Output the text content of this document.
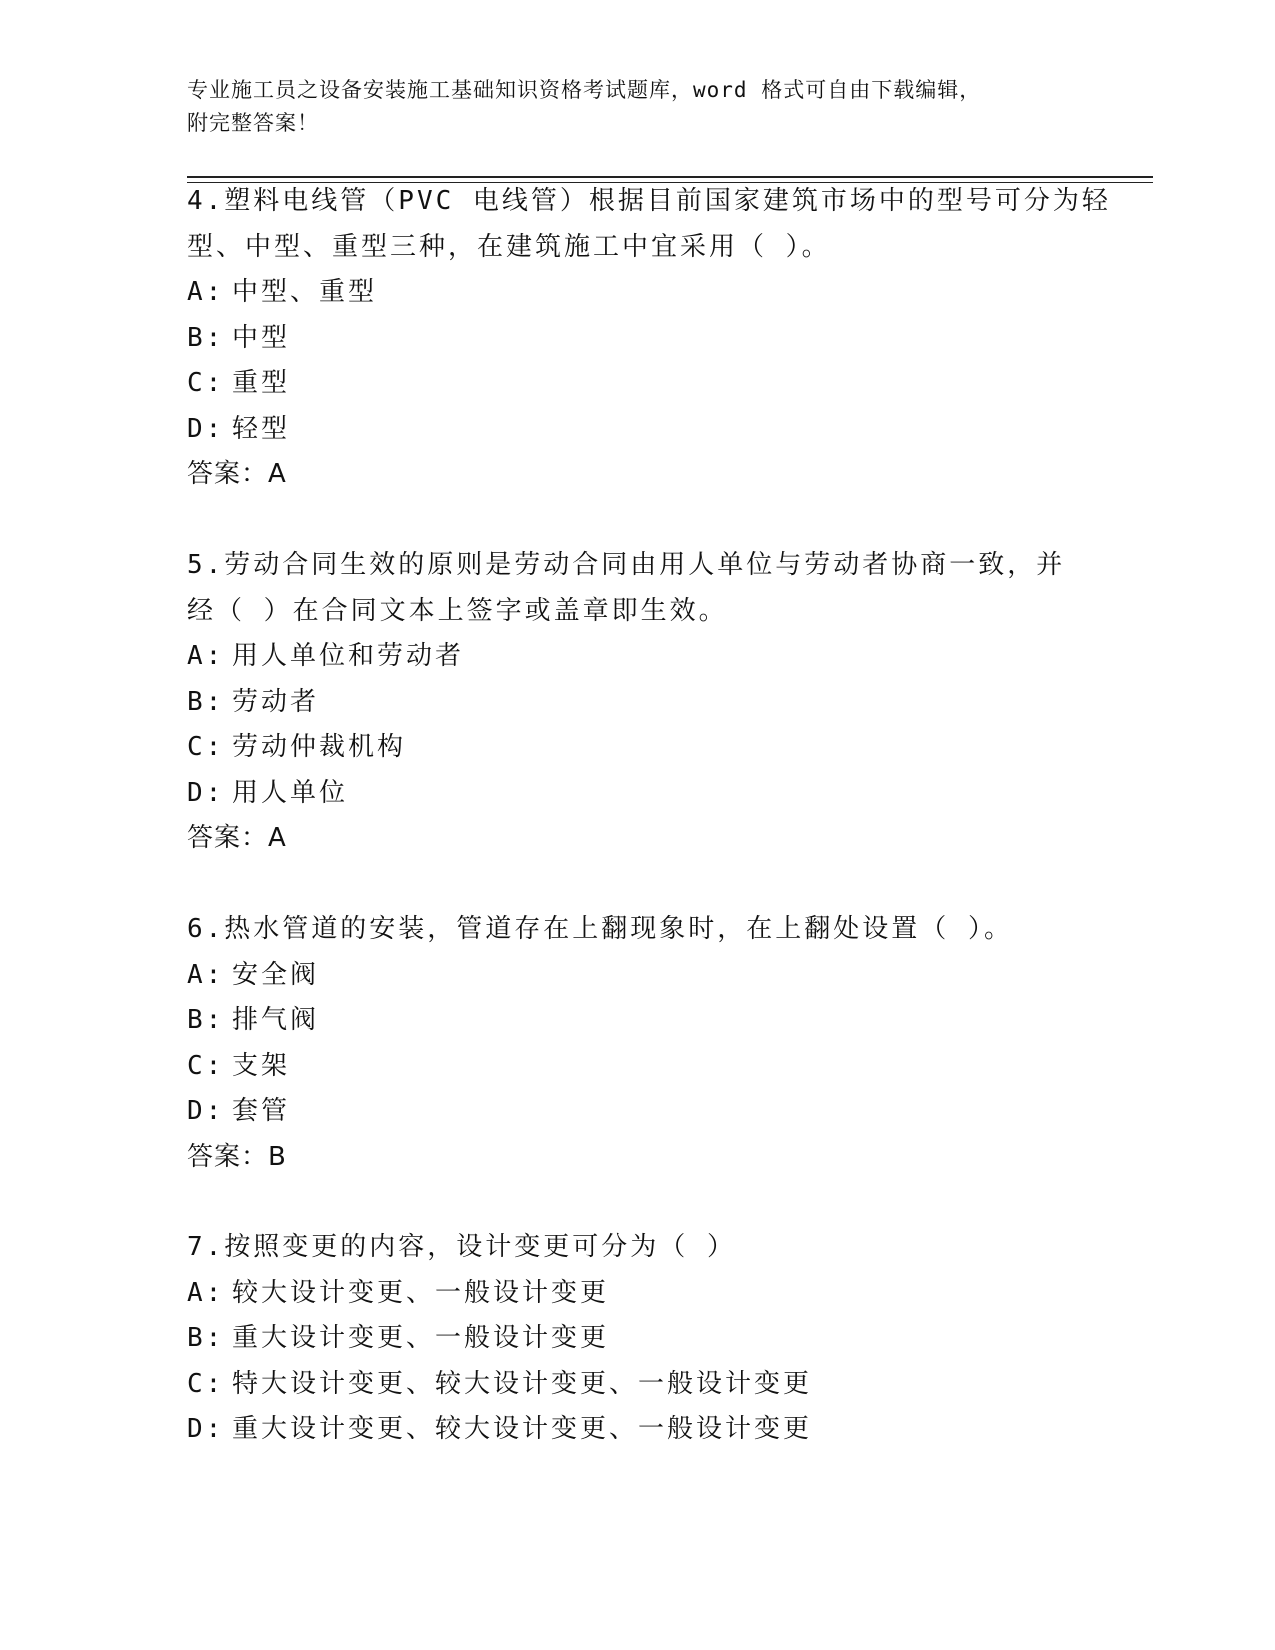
专业施工员之设备安装施工基础知识资格考试题库，word 格式可自由下载编辑，
附完整答案！

4.塑料电线管（PVC 电线管）根据目前国家建筑市场中的型号可分为轻

型、中型、重型三种，在建筑施工中宜采用（ ）。

A: 中型、重型

B: 中型

C: 重型

D: 轻型

答案：A

5.劳动合同生效的原则是劳动合同由用人单位与劳动者协商一致，并

经（ ）在合同文本上签字或盖章即生效。

A: 用人单位和劳动者

B: 劳动者

C: 劳动仲裁机构

D: 用人单位

答案：A

6.热水管道的安装，管道存在上翻现象时，在上翻处设置（ ）。

A: 安全阀

B: 排气阀

C: 支架

D: 套管

答案：B

7.按照变更的内容，设计变更可分为（ ）

A: 较大设计变更、一般设计变更

B: 重大设计变更、一般设计变更

C: 特大设计变更、较大设计变更、一般设计变更

D: 重大设计变更、较大设计变更、一般设计变更
